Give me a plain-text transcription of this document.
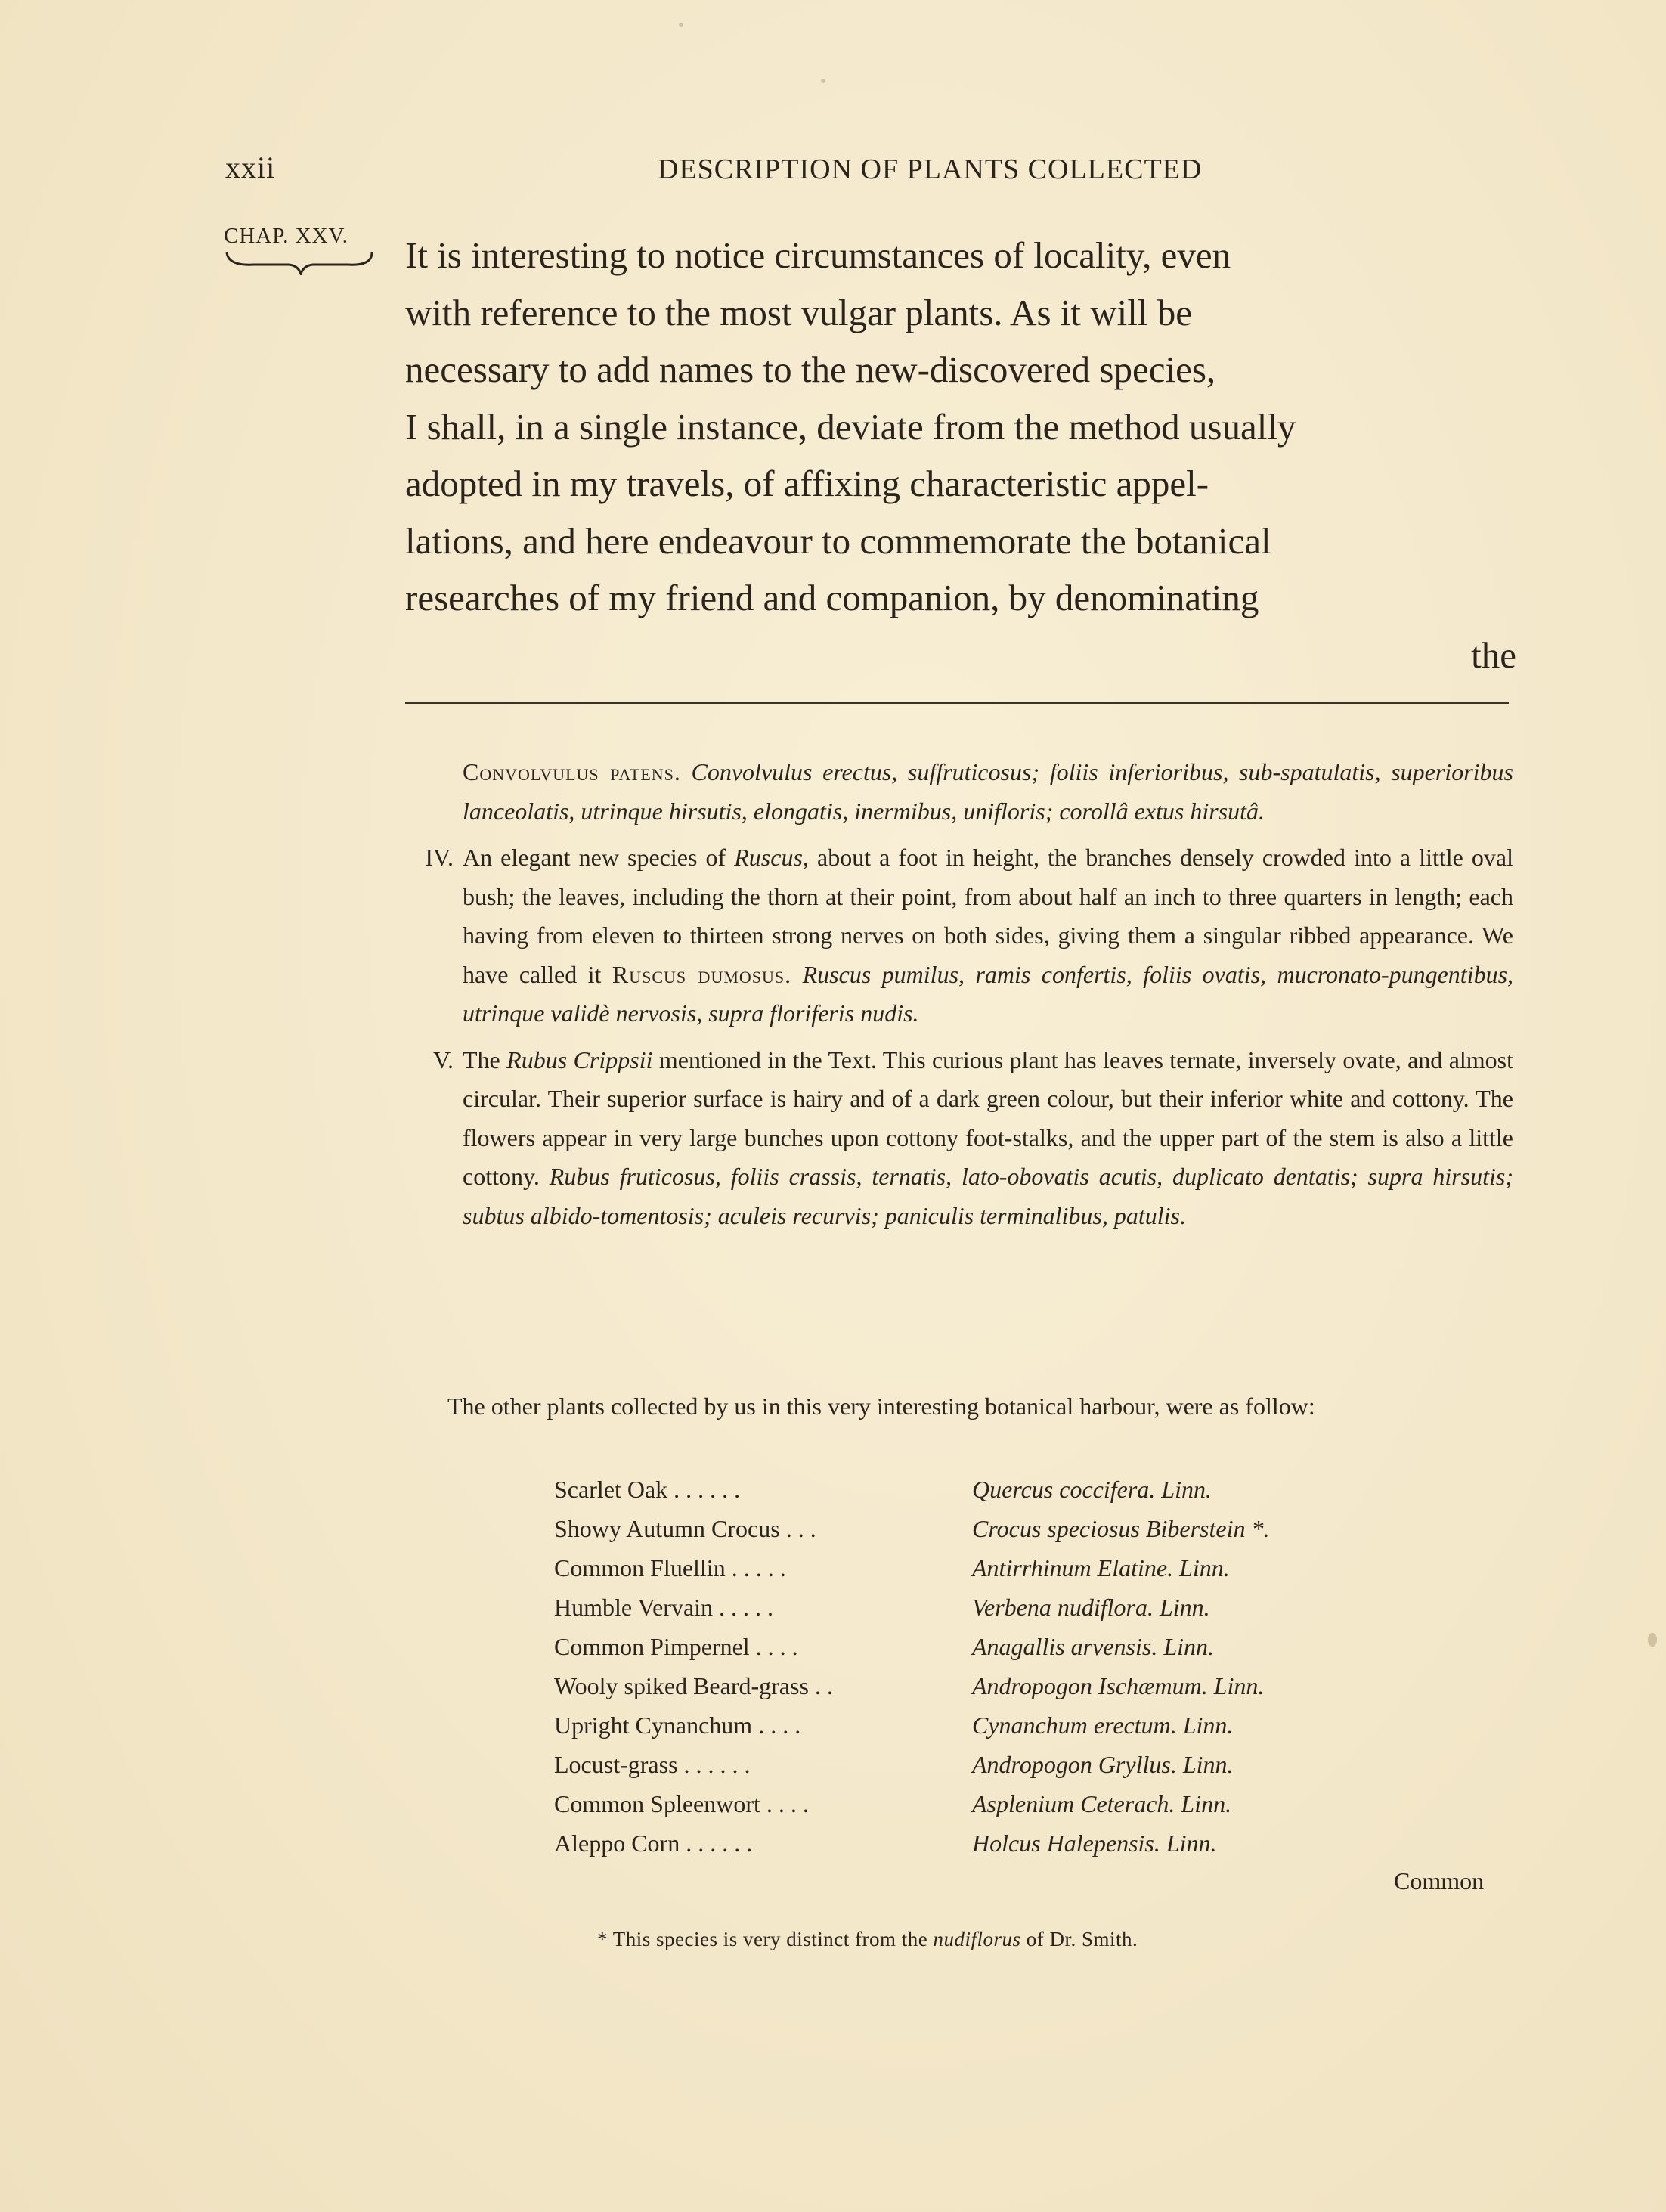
xxii	DESCRIPTION OF PLANTS COLLECTED
CHAP. XXV. It is interesting to notice circumstances of locality, even
with reference to the most vulgar plants. As it will be
necessary to add names to the new-discovered species,
I shall, in a single instance, deviate from the method usually
adopted in my travels, of affixing characteristic appel-
lations, and here endeavour to commemorate the botanical
researches of my friend and companion, by denominating
the
Convolvulus patens. Convolvulus erectus, suffruticosus; foliis inferioribus, sub-spatulatis, superioribus lanceolatis, utrinque hirsutis, elongatis, inermibus, unifloris; corollâ extus hirsutâ.
IV. An elegant new species of Ruscus, about a foot in height, the branches densely crowded into a little oval bush; the leaves, including the thorn at their point, from about half an inch to three quarters in length; each having from eleven to thirteen strong nerves on both sides, giving them a singular ribbed appearance. We have called it Ruscus dumosus. Ruscus pumilus, ramis confertis, foliis ovatis, mucronato-pungentibus, utrinque validè nervosis, supra floriferis nudis.
V. The Rubus Crippsii mentioned in the Text. This curious plant has leaves ternate, inversely ovate, and almost circular. Their superior surface is hairy and of a dark green colour, but their inferior white and cottony. The flowers appear in very large bunches upon cottony foot-stalks, and the upper part of the stem is also a little cottony. Rubus fruticosus, foliis crassis, ternatis, lato-obovatis acutis, duplicato dentatis; supra hirsutis; subtus albido-tomentosis; aculeis recurvis; paniculis terminalibus, patulis.
The other plants collected by us in this very interesting botanical harbour, were as follow:
Scarlet Oak . . . . . .	Quercus coccifera. Linn.
Showy Autumn Crocus . . .	Crocus speciosus Biberstein *.
Common Fluellin . . . . .	Antirrhinum Elatine. Linn.
Humble Vervain . . . . .	Verbena nudiflora. Linn.
Common Pimpernel . . . .	Anagallis arvensis. Linn.
Wooly spiked Beard-grass . .	Andropogon Ischæmum. Linn.
Upright Cynanchum . . . .	Cynanchum erectum. Linn.
Locust-grass . . . . . .	Andropogon Gryllus. Linn.
Common Spleenwort . . . .	Asplenium Ceterach. Linn.
Aleppo Corn . . . . . .	Holcus Halepensis. Linn.
Common
* This species is very distinct from the nudiflorus of Dr. Smith.
